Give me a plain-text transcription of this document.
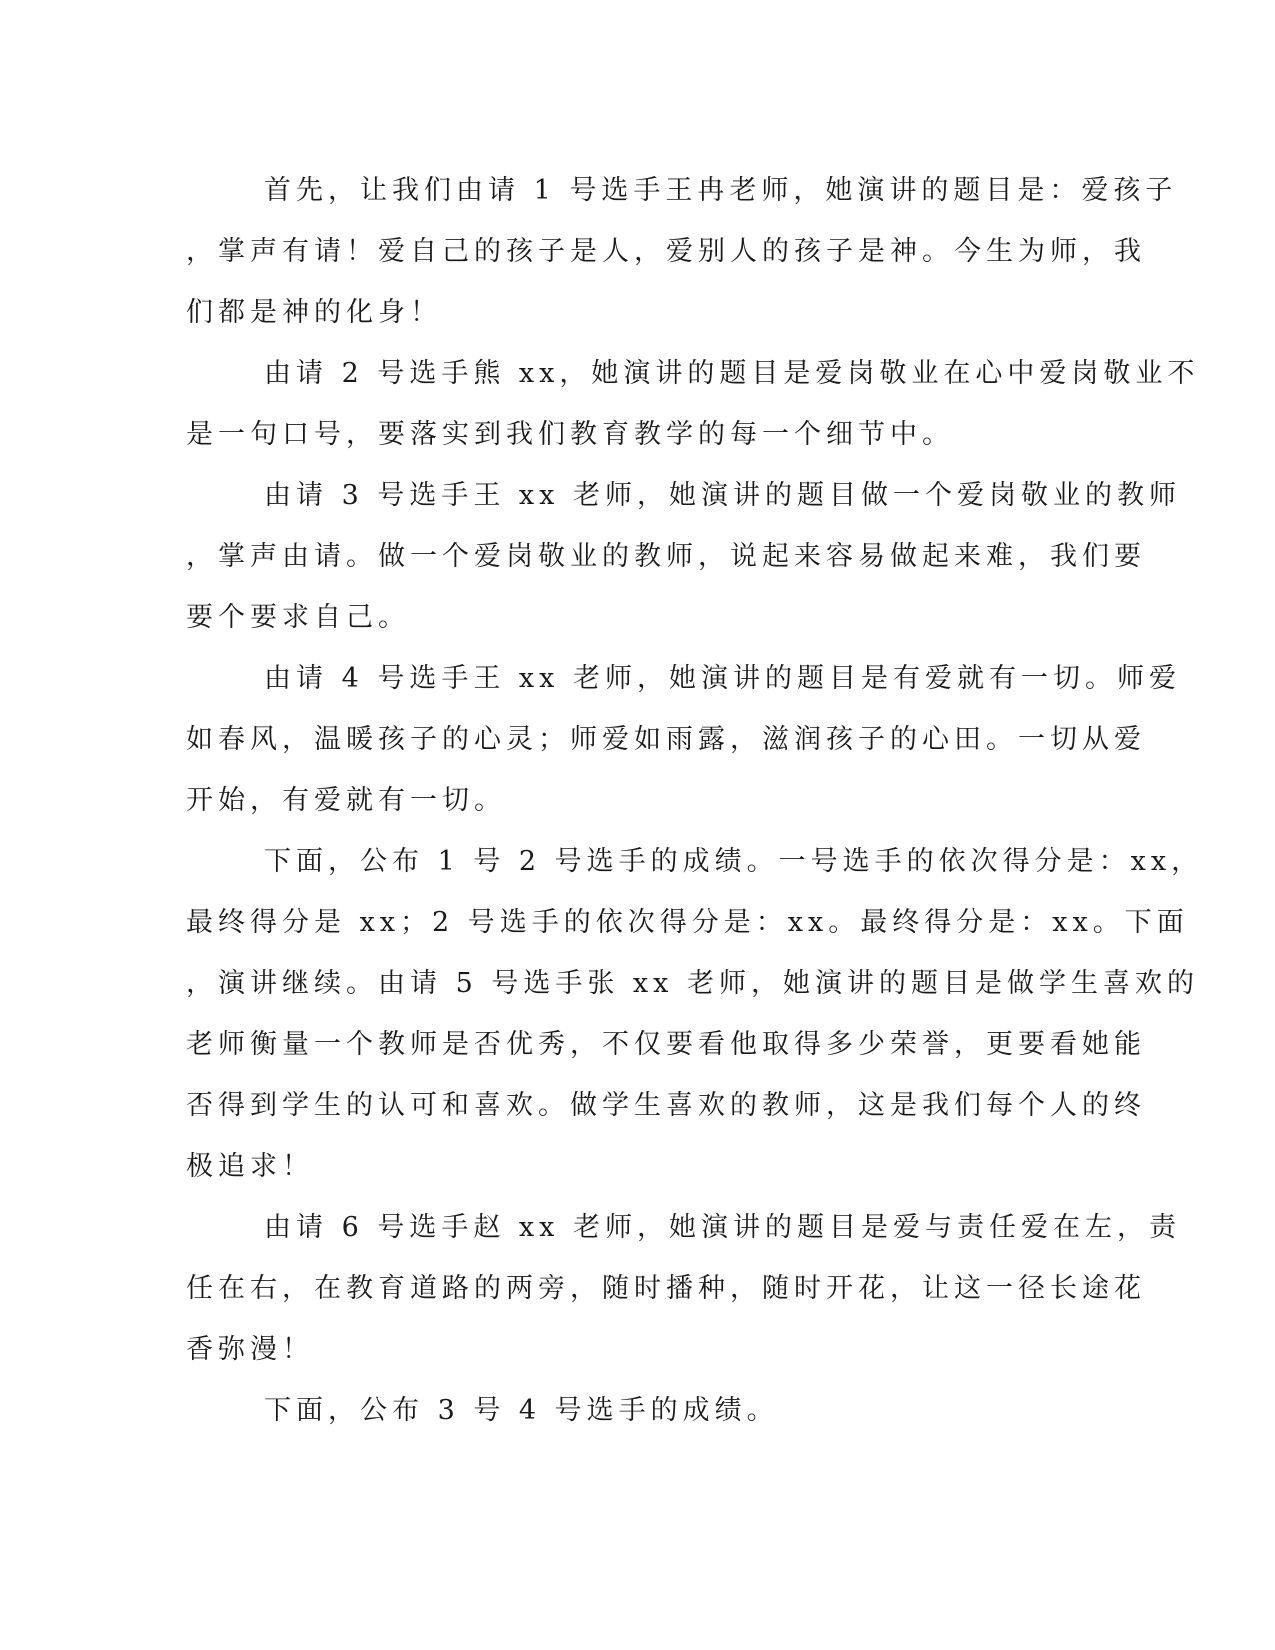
首先，让我们由请 1 号选手王冉老师，她演讲的题目是：爱孩子
，掌声有请！爱自己的孩子是人，爱别人的孩子是神。今生为师，我
们都是神的化身！
由请 2 号选手熊 xx，她演讲的题目是爱岗敬业在心中爱岗敬业不
是一句口号，要落实到我们教育教学的每一个细节中。
由请 3 号选手王 xx 老师，她演讲的题目做一个爱岗敬业的教师
，掌声由请。做一个爱岗敬业的教师，说起来容易做起来难，我们要
要个要求自己。
由请 4 号选手王 xx 老师，她演讲的题目是有爱就有一切。师爱
如春风，温暖孩子的心灵；师爱如雨露，滋润孩子的心田。一切从爱
开始，有爱就有一切。
下面，公布 1 号 2 号选手的成绩。一号选手的依次得分是：xx，
最终得分是 xx；2 号选手的依次得分是：xx。最终得分是：xx。下面
，演讲继续。由请 5 号选手张 xx 老师，她演讲的题目是做学生喜欢的
老师衡量一个教师是否优秀，不仅要看他取得多少荣誉，更要看她能
否得到学生的认可和喜欢。做学生喜欢的教师，这是我们每个人的终
极追求！
由请 6 号选手赵 xx 老师，她演讲的题目是爱与责任爱在左，责
任在右，在教育道路的两旁，随时播种，随时开花，让这一径长途花
香弥漫！
下面，公布 3 号 4 号选手的成绩。
